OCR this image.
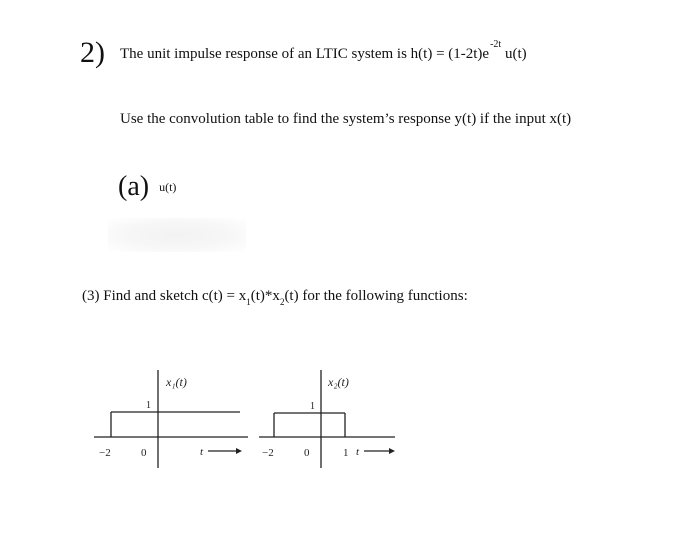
2) The unit impulse response of an LTIC system is $h(t) = (1-2t)e^{-2t}$ u(t)
Use the convolution table to find the system’s response y(t) if the input x(t)
(a) $^{u(t)}$
(3) Find and sketch $c(t) = x_1(t)*x_2(t)$ for the following functions:
x₁(t)
1
−2	0	t
x₂(t)
1
−2	0	1 t
